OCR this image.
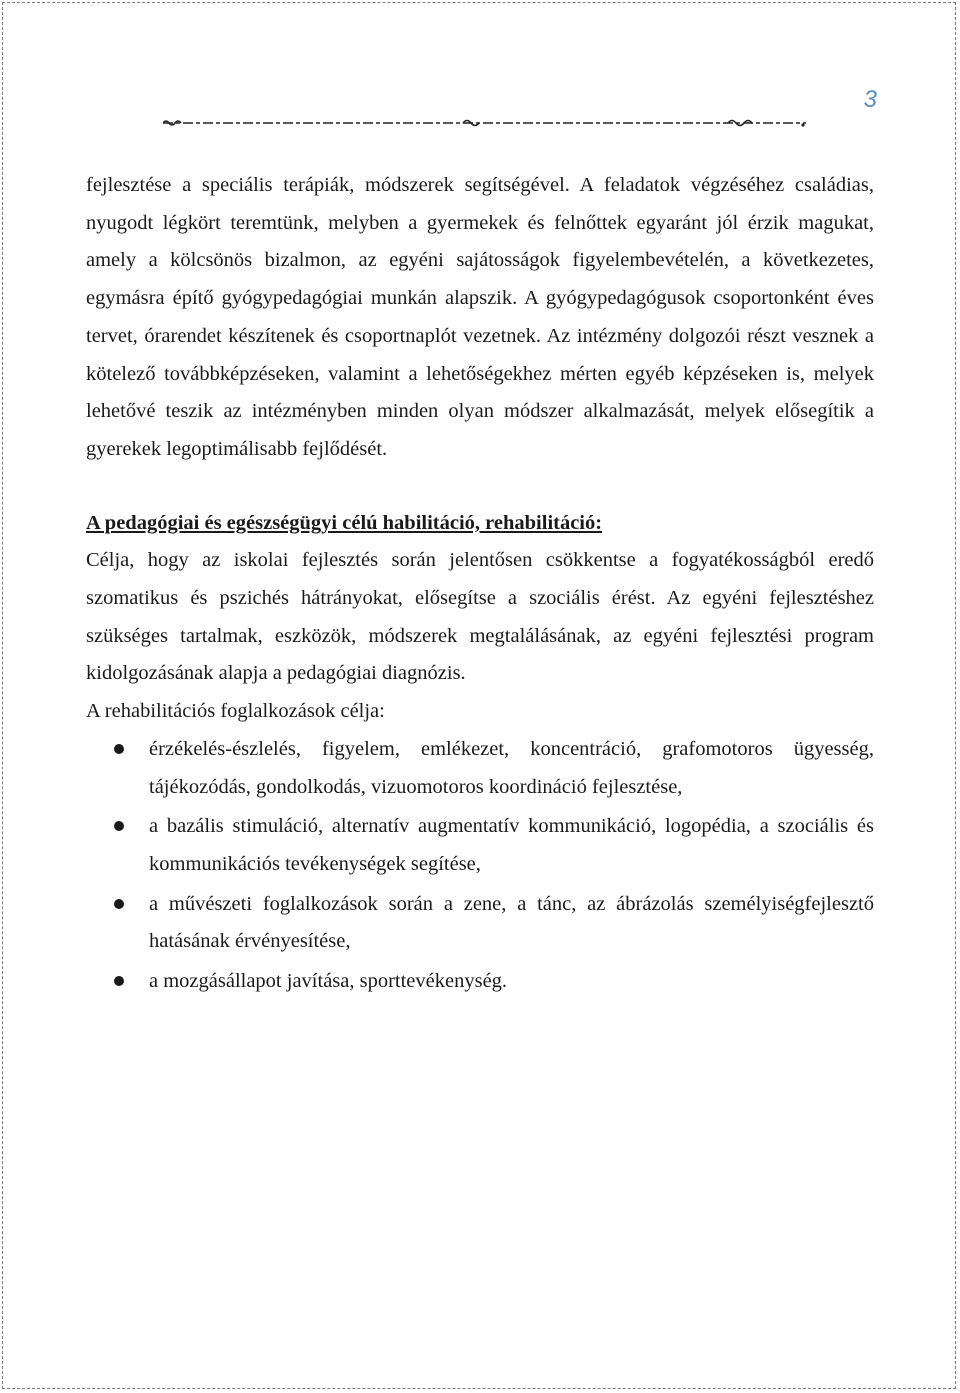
3

fejlesztése a speciális terápiák, módszerek segítségével. A feladatok végzéséhez családias, nyugodt légkört teremtünk, melyben a gyermekek és felnőttek egyaránt jól érzik magukat, amely a kölcsönös bizalmon, az egyéni sajátosságok figyelembevételén, a következetes, egymásra építő gyógypedagógiai munkán alapszik. A gyógypedagógusok csoportonként éves tervet, órarendet készítenek és csoportnaplót vezetnek. Az intézmény dolgozói részt vesznek a kötelező továbbképzéseken, valamint a lehetőségekhez mérten egyéb képzéseken is, melyek lehetővé teszik az intézményben minden olyan módszer alkalmazását, melyek elősegítik a gyerekek legoptimálisabb fejlődését.

A pedagógiai és egészségügyi célú habilitáció, rehabilitáció:

Célja, hogy az iskolai fejlesztés során jelentősen csökkentse a fogyatékosságból eredő szomatikus és pszichés hátrányokat, elősegítse a szociális érést. Az egyéni fejlesztéshez szükséges tartalmak, eszközök, módszerek megtalálásának, az egyéni fejlesztési program kidolgozásának alapja a pedagógiai diagnózis.

A rehabilitációs foglalkozások célja:

érzékelés-észlelés, figyelem, emlékezet, koncentráció, grafomotoros ügyesség, tájékozódás, gondolkodás, vizuomotoros koordináció fejlesztése,
a bazális stimuláció, alternatív augmentatív kommunikáció, logopédia, a szociális és kommunikációs tevékenységek segítése,
a művészeti foglalkozások során a zene, a tánc, az ábrázolás személyiségfejlesztő hatásának érvényesítése,
a mozgásállapot javítása, sporttevékenység.
